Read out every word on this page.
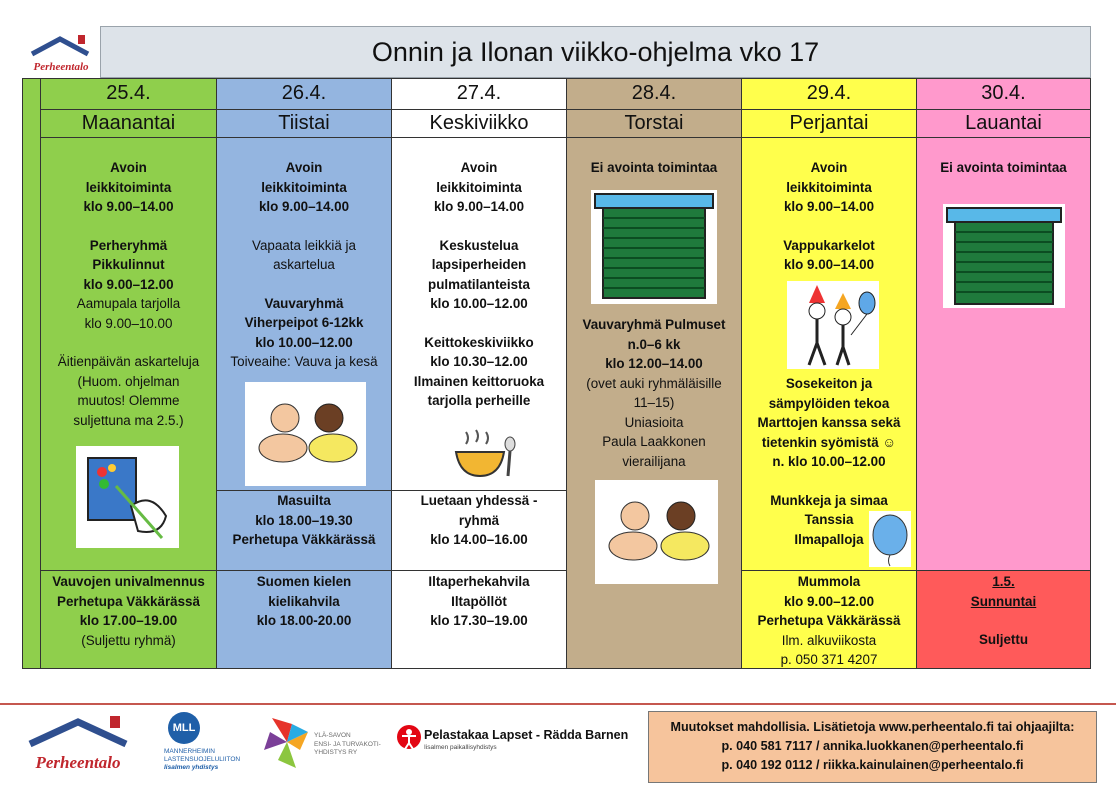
Perheentalo
Onnin ja Ilonan viikko-ohjelma vko 17
25.4.
Maanantai
Avoin
leikkitoiminta
klo 9.00–14.00
Perheryhmä
Pikkulinnut
klo 9.00–12.00
Aamupala tarjolla
klo 9.00–10.00
Äitienpäivän askarteluja
(Huom. ohjelman
muutos! Olemme
suljettuna ma 2.5.)
Vauvojen univalmennus
Perhetupa Väkkärässä
klo 17.00–19.00
(Suljettu ryhmä)
26.4.
Tiistai
Avoin
leikkitoiminta
klo 9.00–14.00
Vapaata leikkiä ja
askartelua
Vauvaryhmä
Viherpeipot 6-12kk
klo 10.00–12.00
Toiveaihe: Vauva ja kesä
Masuilta
klo 18.00–19.30
Perhetupa Väkkärässä
Suomen kielen
kielikahvila
klo 18.00-20.00
27.4.
Keskiviikko
Avoin
leikkitoiminta
klo 9.00–14.00
Keskustelua
lapsiperheiden
pulmatilanteista
klo 10.00–12.00
Keittokeskiviikko
klo 10.30–12.00
Ilmainen keittoruoka
tarjolla perheille
Luetaan yhdessä -
ryhmä
klo 14.00–16.00
Iltaperhekahvila
Iltapöllöt
klo 17.30–19.00
28.4.
Torstai
Ei avointa toimintaa
Vauvaryhmä Pulmuset
n.0–6 kk
klo 12.00–14.00
(ovet auki ryhmäläisille
11–15)
Uniasioita
Paula Laakkonen
vierailijana
29.4.
Perjantai
Avoin
leikkitoiminta
klo 9.00–14.00
Vappukarkelot
klo 9.00–14.00
Sosekeiton ja
sämpylöiden tekoa
Marttojen kanssa sekä
tietenkin syömistä ☺
n. klo 10.00–12.00
Munkkeja ja simaa
Tanssia
Ilmapalloja
Mummola
klo 9.00–12.00
Perhetupa Väkkärässä
Ilm. alkuviikosta
p. 050 371 4207
30.4.
Lauantai
Ei avointa toimintaa
1.5.
Sunnuntai
Suljettu
Perheentalo
MLL
MANNERHEIMIN
LASTENSUOJELULIITON
Iisalmen yhdistys
YLÄ-SAVON
ENSI- JA TURVAKOTI-
YHDISTYS RY
Pelastakaa Lapset - Rädda Barnen
Iisalmen paikallisyhdistys
Muutokset mahdollisia. Lisätietoja www.perheentalo.fi tai ohjaajilta:
p. 040 581 7117 / annika.luokkanen@perheentalo.fi
p. 040 192 0112 / riikka.kainulainen@perheentalo.fi
